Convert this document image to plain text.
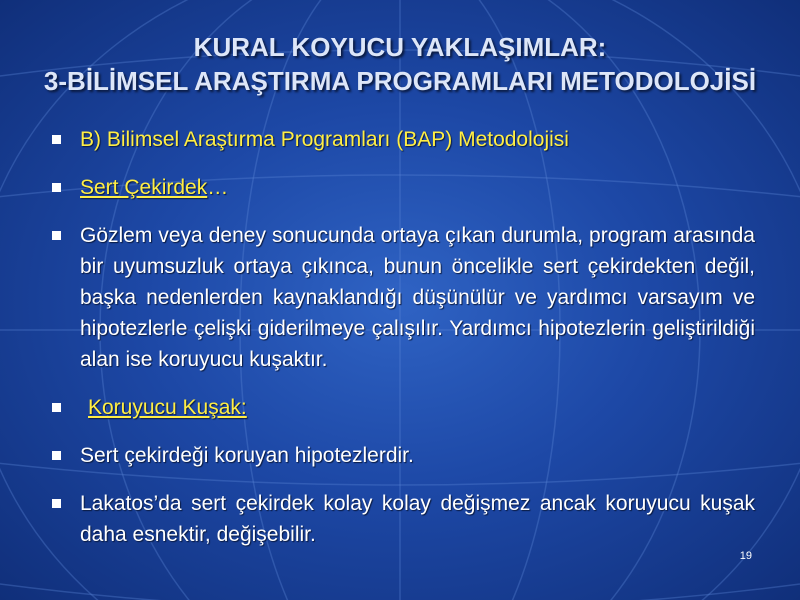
KURAL KOYUCU YAKLAŞIMLAR:
3-BİLİMSEL ARAŞTIRMA PROGRAMLARI METODOLOJİSİ
B) Bilimsel Araştırma Programları (BAP) Metodolojisi
Sert Çekirdek…
Gözlem veya deney sonucunda ortaya çıkan durumla, program arasında bir uyumsuzluk ortaya çıkınca, bunun öncelikle sert çekirdekten değil, başka nedenlerden kaynaklandığı düşünülür ve yardımcı varsayım ve hipotezlerle çelişki giderilmeye çalışılır. Yardımcı hipotezlerin geliştirildiği alan ise koruyucu kuşaktır.
Koruyucu Kuşak:
Sert çekirdeği koruyan hipotezlerdir.
Lakatos’da sert çekirdek kolay kolay değişmez ancak koruyucu kuşak daha esnektir, değişebilir.
19
